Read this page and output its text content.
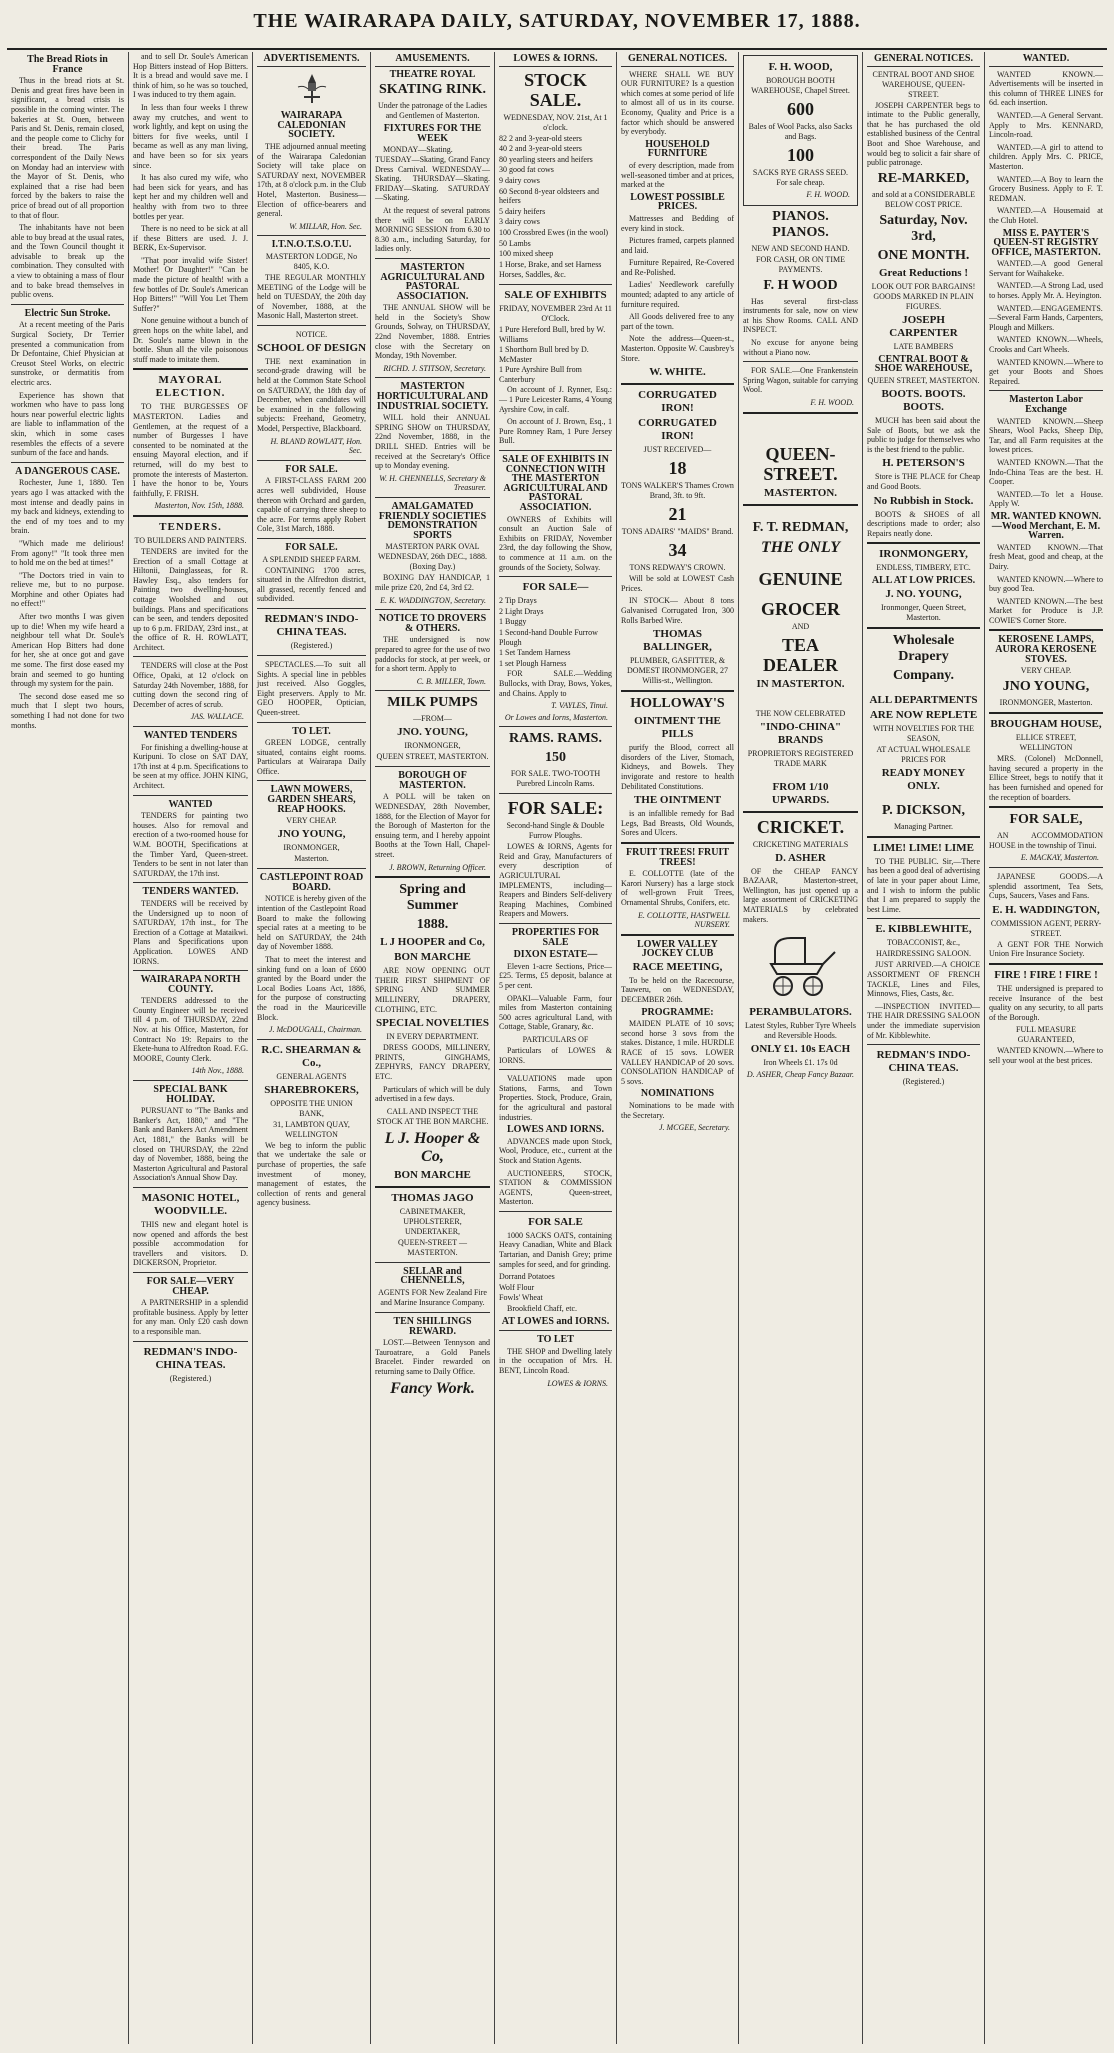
THE WAIRARAPA DAILY, SATURDAY, NOVEMBER 17, 1888.
The Bread Riots in France

Thus in the bread riots at St. Denis and great fires have been in significant, a bread crisis is possible in the coming winter. The bakeries at St. Ouen, between Paris and St. Denis, remain closed, and the people come to Clichy for their bread. The Paris correspondent of the Daily News on Monday had an interview with the Mayor of St. Denis, who explained that a rise had been forced by the bakers to raise the price of bread out of all proportion to that of flour.

The inhabitants have not been able to buy bread at the usual rates, and the Town Council thought it advisable to break up the combination. They consulted with a view to obtaining a mass of flour and to bake bread themselves in public ovens.

Electric Sun Stroke.

At a recent meeting of the Paris Surgical Society, Dr Terrier presented a communication from Dr Defontaine, Chief Physician at Creusot Steel Works, on electric sunstroke, or dermatitis from electric arcs.

Experience has shown that workmen who have to pass long hours near powerful electric lights are liable to inflammation of the skin, which in some cases resembles the effects of a severe sunburn of the face and hands.

A DANGEROUS CASE.

Rochester, June 1, 1880. Ten years ago I was attacked with the most intense and deadly pains in my back and kidneys, extending to the end of my toes and to my brain.

"Which made me delirious! From agony!" "It took three men to hold me on the bed at times!"

"The Doctors tried in vain to relieve me, but to no purpose. Morphine and other Opiates had no effect!"

After two months I was given up to die! When my wife heard a neighbour tell what Dr. Soule's American Hop Bitters had done for her, she at once got and gave me some. The first dose eased my brain and seemed to go hunting through my system for the pain.

The second dose eased me so much that I slept two hours, something I had not done for two months.

and to sell Dr. Soule's American Hop Bitters instead of Hop Bitters. It is a bread and would save me. I think of him, so he was so touched, I was induced to try them again.

In less than four weeks I threw away my crutches, and went to work lightly, and kept on using the bitters for five weeks, until I became as well as any man living, and have been so for six years since.

It has also cured my wife, who had been sick for years, and has kept her and my children well and healthy with from two to three bottles per year.

There is no need to be sick at all if these Bitters are used. J. J. BERK, Ex-Supervisor.

"That poor invalid wife Sister! Mother! Or Daughter!" "Can be made the picture of health! with a few bottles of Dr. Soule's American Hop Bitters!" "Will You Let Them Suffer?"

None genuine without a bunch of green hops on the white label, and Dr. Soule's name blown in the bottle. Shun all the vile poisonous stuff made to imitate them.

MAYORAL ELECTION.

TO THE BURGESSES OF MASTERTON. Ladies and Gentlemen, at the request of a number of Burgesses I have consented to be nominated at the ensuing Mayoral election, and if returned, will do my best to promote the interests of Masterton. I have the honor to be, Yours faithfully, F. FRISH.

Masterton, Nov. 15th, 1888.
TENDERS.
TO BUILDERS AND PAINTERS.

TENDERS are invited for the Erection of a small Cottage at Hiltonii, Dainglasseas, for R. Hawley Esq., also tenders for Painting two dwelling-houses, cottage Woolshed and out buildings. Plans and specifications can be seen, and tenders deposited up to 6 p.m. FRIDAY, 23rd inst., at the office of R. H. ROWLATT, Architect.

TENDERS will close at the Post Office, Opaki, at 12 o'clock on Saturday 24th November, 1888, for cutting down the second ring of December of acres of scrub.

JAS. WALLACE.
WANTED TENDERS

For finishing a dwelling-house at Kuripuni. To close on SAT DAY, 17th inst at 4 p.m. Specifications to be seen at my office. JOHN KING, Architect.

WANTED

TENDERS for painting two houses. Also for removal and erection of a two-roomed house for W.M. BOOTH, Specifications at the Timber Yard, Queen-street. Tenders to be sent in not later than SATURDAY, the 17th inst.

TENDERS WANTED.

TENDERS will be received by the Undersigned up to noon of SATURDAY, 17th inst., for The Erection of a Cottage at Mataikwi. Plans and Specifications upon Application. LOWES AND IORNS.

WAIRARAPA NORTH COUNTY.

TENDERS addressed to the County Engineer will be received till 4 p.m. of THURSDAY, 22nd Nov. at his Office, Masterton, for Contract No 19: Repairs to the Ekete-huna to Alfredton Road. F.G. MOORE, County Clerk.

14th Nov., 1888.
SPECIAL BANK HOLIDAY.

PURSUANT to "The Banks and Banker's Act, 1880," and "The Bank and Bankers Act Amendment Act, 1881," the Banks will be closed on THURSDAY, the 22nd day of November, 1888, being the Masterton Agricultural and Pastoral Association's Annual Show Day.

MASONIC HOTEL, WOODVILLE.

THIS new and elegant hotel is now opened and affords the best possible accommodation for travellers and visitors. D. DICKERSON, Proprietor.

FOR SALE—VERY CHEAP.

A PARTNERSHIP in a splendid profitable business. Apply by letter for any man. Only £20 cash down to a responsible man.

REDMAN'S INDO-CHINA TEAS.
(Registered.)
ADVERTISEMENTS.
WAIRARAPA CALEDONIAN SOCIETY.

THE adjourned annual meeting of the Wairarapa Caledonian Society will take place on SATURDAY next, NOVEMBER 17th, at 8 o'clock p.m. in the Club Hotel, Masterton. Business—Election of office-bearers and general.

W. MILLAR, Hon. Sec.
I.T.N.O.T.S.O.T.U.
MASTERTON LODGE, No 8405, K.O.

THE REGULAR MONTHLY MEETING of the Lodge will be held on TUESDAY, the 20th day of November, 1888, at the Masonic Hall, Masterton street.

NOTICE.
SCHOOL OF DESIGN

THE next examination in second-grade drawing will be held at the Common State School on SATURDAY, the 18th day of December, when candidates will be examined in the following subjects: Freehand, Geometry, Model, Perspective, Blackboard.

H. BLAND ROWLATT, Hon. Sec.
FOR SALE.

A FIRST-CLASS FARM 200 acres well subdivided, House thereon with Orchard and garden, capable of carrying three sheep to the acre. For terms apply Robert Cole, 31st March, 1888.

FOR SALE.
A SPLENDID SHEEP FARM.

CONTAINING 1700 acres, situated in the Alfredton district, all grassed, recently fenced and subdivided.

REDMAN'S INDO-CHINA TEAS.
(Registered.)

SPECTACLES.—To suit all Sights. A special line in pebbles just received. Also Goggles, Eight preservers. Apply to Mr. GEO HOOPER, Optician, Queen-street.

TO LET.

GREEN LODGE, centrally situated, contains eight rooms. Particulars at Wairarapa Daily Office.

LAWN MOWERS, GARDEN SHEARS, REAP HOOKS.
VERY CHEAP.
JNO YOUNG,
IRONMONGER,
Masterton.
CASTLEPOINT ROAD BOARD.

NOTICE is hereby given of the intention of the Castlepoint Road Board to make the following special rates at a meeting to be held on SATURDAY, the 24th day of November 1888.

That to meet the interest and sinking fund on a loan of £600 granted by the Board under the Local Bodies Loans Act, 1886, for the purpose of constructing the road in the Mauriceville Block.

J. McDOUGALL, Chairman.
R.C. SHEARMAN & Co.,
GENERAL AGENTS
SHAREBROKERS,
OPPOSITE THE UNION BANK,
31, LAMBTON QUAY, WELLINGTON

We beg to inform the public that we undertake the sale or purchase of properties, the safe investment of money, management of estates, the collection of rents and general agency business.

AMUSEMENTS.
THEATRE ROYAL
SKATING RINK.
Under the patronage of the Ladies and Gentlemen of Masterton.
FIXTURES FOR THE WEEK

MONDAY—Skating. TUESDAY—Skating, Grand Fancy Dress Carnival. WEDNESDAY—Skating. THURSDAY—Skating. FRIDAY—Skating. SATURDAY—Skating.

At the request of several patrons there will be on EARLY MORNING SESSION from 6.30 to 8.30 a.m., including Saturday, for ladies only.

MASTERTON AGRICULTURAL AND PASTORAL ASSOCIATION.

THE ANNUAL SHOW will be held in the Society's Show Grounds, Solway, on THURSDAY, 22nd November, 1888. Entries close with the Secretary on Monday, 19th November.

RICHD. J. STITSON, Secretary.
MASTERTON HORTICULTURAL AND INDUSTRIAL SOCIETY.

WILL hold their ANNUAL SPRING SHOW on THURSDAY, 22nd November, 1888, in the DRILL SHED. Entries will be received at the Secretary's Office up to Monday evening.

W. H. CHENNELLS, Secretary & Treasurer.
AMALGAMATED FRIENDLY SOCIETIES DEMONSTRATION SPORTS
MASTERTON PARK OVAL WEDNESDAY, 26th DEC., 1888. (Boxing Day.)

BOXING DAY HANDICAP, 1 mile prize £20, 2nd £4, 3rd £2.

E. K. WADDINGTON, Secretary.
NOTICE TO DROVERS & OTHERS.

THE undersigned is now prepared to agree for the use of two paddocks for stock, at per week, or for a short term. Apply to

C. B. MILLER, Town.
MILK PUMPS
—FROM—
JNO. YOUNG,
IRONMONGER,
QUEEN STREET, MASTERTON.
BOROUGH OF MASTERTON.

A POLL will be taken on WEDNESDAY, 28th November, 1888, for the Election of Mayor for the Borough of Masterton for the ensuing term, and I hereby appoint Booths at the Town Hall, Chapel-street.

J. BROWN, Returning Officer.
Spring and Summer
1888.
L J HOOPER and Co,
BON MARCHE

ARE NOW OPENING OUT THEIR FIRST SHIPMENT OF SPRING AND SUMMER MILLINERY, DRAPERY, CLOTHING, ETC.

SPECIAL NOVELTIES
IN EVERY DEPARTMENT.

DRESS GOODS, MILLINERY, PRINTS, GINGHAMS, ZEPHYRS, FANCY DRAPERY, ETC.

Particulars of which will be duly advertised in a few days.

CALL AND INSPECT THE STOCK AT THE BON MARCHE.
L J. Hooper & Co,
BON MARCHE
THOMAS JAGO
CABINETMAKER, UPHOLSTERER, UNDERTAKER,
QUEEN-STREET — MASTERTON.
SELLAR and CHENNELLS,
AGENTS FOR New Zealand Fire and Marine Insurance Company.
TEN SHILLINGS REWARD.

LOST.—Between Tennyson and Tauroatrare, a Gold Panels Bracelet. Finder rewarded on returning same to Daily Office.

Fancy Work.
LOWES & IORNS.
STOCK SALE.
WEDNESDAY, NOV. 21st, At 1 o'clock.
82 2 and 3-year-old steers
40 2 and 3-year-old steers
80 yearling steers and heifers
30 good fat cows
9 dairy cows
60 Second 8-year oldsteers and heifers
5 dairy heifers
3 dairy cows
100 Crossbred Ewes (in the wool)
50 Lambs
100 mixed sheep
1 Horse, Brake, and set Harness
Horses, Saddles, &c.
SALE OF EXHIBITS
FRIDAY, NOVEMBER 23rd At 11 O'Clock.
1 Pure Hereford Bull, bred by W. Williams
1 Shorthorn Bull bred by D. McMaster
1 Pure Ayrshire Bull from Canterbury

On account of J. Rynner, Esq.:— 1 Pure Leicester Rams, 4 Young Ayrshire Cow, in calf.

On account of J. Brown, Esq., 1 Pure Romney Ram, 1 Pure Jersey Bull.

SALE OF EXHIBITS IN CONNECTION WITH THE MASTERTON AGRICULTURAL AND PASTORAL ASSOCIATION.

OWNERS of Exhibits will consult an Auction Sale of Exhibits on FRIDAY, November 23rd, the day following the Show, to commence at 11 a.m. on the grounds of the Society, Solway.

FOR SALE—
2 Tip Drays
2 Light Drays
1 Buggy
1 Second-hand Double Furrow Plough
1 Set Tandem Harness
1 set Plough Harness

FOR SALE.—Wedding Bullocks, with Dray, Bows, Yokes, and Chains. Apply to

T. VAYLES, Tinui.
Or Lowes and Iorns, Masterton.
RAMS. RAMS.
150
FOR SALE. TWO-TOOTH Purebred Lincoln Rams.
FOR SALE:
Second-hand Single & Double Furrow Ploughs.

LOWES & IORNS, Agents for Reid and Gray, Manufacturers of every description of AGRICULTURAL IMPLEMENTS, including— Reapers and Binders Self-delivery Reaping Machines, Combined Reapers and Mowers.

PROPERTIES FOR SALE
DIXON ESTATE—

Eleven 1-acre Sections, Price—£25. Terms, £5 deposit, balance at 5 per cent.

OPAKI—Valuable Farm, four miles from Masterton containing 500 acres agricultural Land, with Cottage, Stable, Granary, &c.

PARTICULARS OF

Particulars of LOWES & IORNS.

VALUATIONS made upon Stations, Farms, and Town Properties. Stock, Produce, Grain, for the agricultural and pastoral industries.

LOWES AND IORNS.

ADVANCES made upon Stock, Wool, Produce, etc., current at the Stock and Station Agents.

AUCTIONEERS, STOCK, STATION & COMMISSION AGENTS, Queen-street, Masterton.

FOR SALE

1000 SACKS OATS, containing Heavy Canadian, White and Black Tartarian, and Danish Grey; prime samples for seed, and for grinding.

Dorrand Potatoes
Wolf Flour
Fowls' Wheat

Brookfield Chaff, etc.

AT LOWES and IORNS.
TO LET

THE SHOP and Dwelling lately in the occupation of Mrs. H. BENT, Lincoln Road.

LOWES & IORNS.
GENERAL NOTICES.

WHERE SHALL WE BUY OUR FURNITURE? Is a question which comes at some period of life to almost all of us in its course. Economy, Quality and Price is a factor which should be answered by everybody.

HOUSEHOLD FURNITURE

of every description, made from well-seasoned timber and at prices, marked at the

LOWEST POSSIBLE PRICES.

Mattresses and Bedding of every kind in stock.

Pictures framed, carpets planned and laid.

Furniture Repaired, Re-Covered and Re-Polished.

Ladies' Needlework carefully mounted; adapted to any article of furniture required.

All Goods delivered free to any part of the town.

Note the address—Queen-st., Masterton. Opposite W. Causbrey's Store.

W. WHITE.
CORRUGATED IRON!
CORRUGATED IRON!
JUST RECEIVED—
18
TONS WALKER'S Thames Crown Brand, 3ft. to 9ft.
21
TONS ADAIRS' "MAIDS" Brand.
34
TONS REDWAY'S CROWN.

Will be sold at LOWEST Cash Prices.

IN STOCK— About 8 tons Galvanised Corrugated Iron, 300 Rolls Barbed Wire.

THOMAS BALLINGER,
PLUMBER, GASFITTER, & DOMEST IRONMONGER, 27 Willis-st., Wellington.
HOLLOWAY'S
OINTMENT THE PILLS

purify the Blood, correct all disorders of the Liver, Stomach, Kidneys, and Bowels. They invigorate and restore to health Debilitated Constitutions.

THE OINTMENT

is an infallible remedy for Bad Legs, Bad Breasts, Old Wounds, Sores and Ulcers.

FRUIT TREES! FRUIT TREES!

E. COLLOTTE (late of the Karori Nursery) has a large stock of well-grown Fruit Trees, Ornamental Shrubs, Conifers, etc.

E. COLLOTTE, HASTWELL NURSERY.
LOWER VALLEY JOCKEY CLUB
RACE MEETING,

To be held on the Racecourse, Tauweru, on WEDNESDAY, DECEMBER 26th.

PROGRAMME:

MAIDEN PLATE of 10 sovs; second horse 3 sovs from the stakes. Distance, 1 mile. HURDLE RACE of 15 sovs. LOWER VALLEY HANDICAP of 20 sovs. CONSOLATION HANDICAP of 5 sovs.

NOMINATIONS

Nominations to be made with the Secretary.

J. MCGEE, Secretary.
F. H. WOOD,
BOROUGH BOOTH WAREHOUSE, Chapel Street.
600
Bales of Wool Packs, also Sacks and Bags.
100
SACKS RYE GRASS SEED. For sale cheap.
F. H. WOOD.
PIANOS. PIANOS.
NEW AND SECOND HAND.
FOR CASH, OR ON TIME PAYMENTS.
F. H WOOD

Has several first-class instruments for sale, now on view at his Show Rooms. CALL AND INSPECT.

No excuse for anyone being without a Piano now.

FOR SALE.—One Frankenstein Spring Wagon, suitable for carrying Wool.

F. H. WOOD.
QUEEN-STREET.
MASTERTON.
F. T. REDMAN,
THE ONLY
GENUINE
GROCER
AND
TEA DEALER
IN MASTERTON.
THE NOW CELEBRATED
"INDO-CHINA" BRANDS
PROPRIETOR'S REGISTERED TRADE MARK
FROM 1/10 UPWARDS.
CRICKET.
CRICKETING MATERIALS
D. ASHER

OF the CHEAP FANCY BAZAAR, Masterton-street, Wellington, has just opened up a large assortment of CRICKETING MATERIALS by celebrated makers.

PERAMBULATORS.
Latest Styles, Rubber Tyre Wheels and Reversible Hoods.
ONLY £1. 10s EACH
Iron Wheels £1. 17s 0d
D. ASHER, Cheap Fancy Bazaar.
GENERAL NOTICES.
CENTRAL BOOT AND SHOE WAREHOUSE, QUEEN-STREET.

JOSEPH CARPENTER begs to intimate to the Public generally, that he has purchased the old established business of the Central Boot and Shoe Warehouse, and would beg to solicit a fair share of public patronage.

RE-MARKED,
and sold at a CONSIDERABLE BELOW COST PRICE.
Saturday, Nov. 3rd,
ONE MONTH.
Great Reductions !
LOOK OUT FOR BARGAINS! GOODS MARKED IN PLAIN FIGURES.
JOSEPH CARPENTER
LATE BAMBERS
CENTRAL BOOT & SHOE WAREHOUSE,
QUEEN STREET, MASTERTON.
BOOTS. BOOTS. BOOTS.

MUCH has been said about the Sale of Boots, but we ask the public to judge for themselves who is the best friend to the public.

H. PETERSON'S

Store is THE PLACE for Cheap and Good Boots.

No Rubbish in Stock.

BOOTS & SHOES of all descriptions made to order; also Repairs neatly done.

IRONMONGERY,
ENDLESS, TIMBERY, ETC.
ALL AT LOW PRICES.
J. NO. YOUNG,
Ironmonger, Queen Street, Masterton.
Wholesale Drapery
Company.
ALL DEPARTMENTS
ARE NOW REPLETE
WITH NOVELTIES FOR THE SEASON,
AT ACTUAL WHOLESALE PRICES FOR
READY MONEY ONLY.
P. DICKSON,
Managing Partner.
LIME! LIME! LIME

TO THE PUBLIC. Sir,—There has been a good deal of advertising of late in your paper about Lime, and I wish to inform the public that I am prepared to supply the best Lime.

E. KIBBLEWHITE,
TOBACCONIST, &c.,
HAIRDRESSING SALOON.

JUST ARRIVED.—A CHOICE ASSORTMENT OF FRENCH TACKLE, Lines and Files, Minnows, Flies, Casts, &c.

—INSPECTION INVITED— THE HAIR DRESSING SALOON under the immediate supervision of Mr. Kibblewhite.

REDMAN'S INDO-CHINA TEAS.
(Registered.)
WANTED.

WANTED KNOWN.—Advertisements will be inserted in this column of THREE LINES for 6d. each insertion.

WANTED.—A General Servant. Apply to Mrs. KENNARD, Lincoln-road.

WANTED.—A girl to attend to children. Apply Mrs. C. PRICE, Masterton.

WANTED.—A Boy to learn the Grocery Business. Apply to F. T. REDMAN.

WANTED.—A Housemaid at the Club Hotel.

MISS E. PAYTER'S QUEEN-ST REGISTRY OFFICE, MASTERTON.

WANTED.—A good General Servant for Waihakeke.

WANTED.—A Strong Lad, used to horses. Apply Mr. A. Heyington.

WANTED.—ENGAGEMENTS.—Several Farm Hands, Carpenters, Plough and Milkers.

WANTED KNOWN.—Wheels, Crooks and Cart Wheels.

WANTED KNOWN.—Where to get your Boots and Shoes Repaired.

Masterton Labor Exchange

WANTED KNOWN.—Sheep Shears, Wool Packs, Sheep Dip, Tar, and all Farm requisites at the lowest prices.

WANTED KNOWN.—That the Indo-China Teas are the best. H. Cooper.

WANTED.—To let a House. Apply W.

MR. WANTED KNOWN.—Wood Merchant, E. M. Warren.

WANTED KNOWN.—That fresh Meat, good and cheap, at the Dairy.

WANTED KNOWN.—Where to buy good Tea.

WANTED KNOWN.—The best Market for Produce is J.P. COWIE'S Corner Store.

KEROSENE LAMPS, AURORA KEROSENE STOVES.
VERY CHEAP.
JNO YOUNG,
IRONMONGER, Masterton.
BROUGHAM HOUSE,
ELLICE STREET, WELLINGTON

MRS. (Colonel) McDonnell, having secured a property in the Ellice Street, begs to notify that it has been furnished and opened for the reception of boarders.

FOR SALE,

AN ACCOMMODATION HOUSE in the township of Tinui.

E. MACKAY, Masterton.

JAPANESE GOODS.—A splendid assortment, Tea Sets, Cups, Saucers, Vases and Fans.

E. H. WADDINGTON,
COMMISSION AGENT, PERRY-STREET.

A GENT FOR THE Norwich Union Fire Insurance Society.

FIRE ! FIRE ! FIRE !

THE undersigned is prepared to receive Insurance of the best quality on any security, to all parts of the Borough.

FULL MEASURE GUARANTEED,

WANTED KNOWN.—Where to sell your wool at the best prices.
